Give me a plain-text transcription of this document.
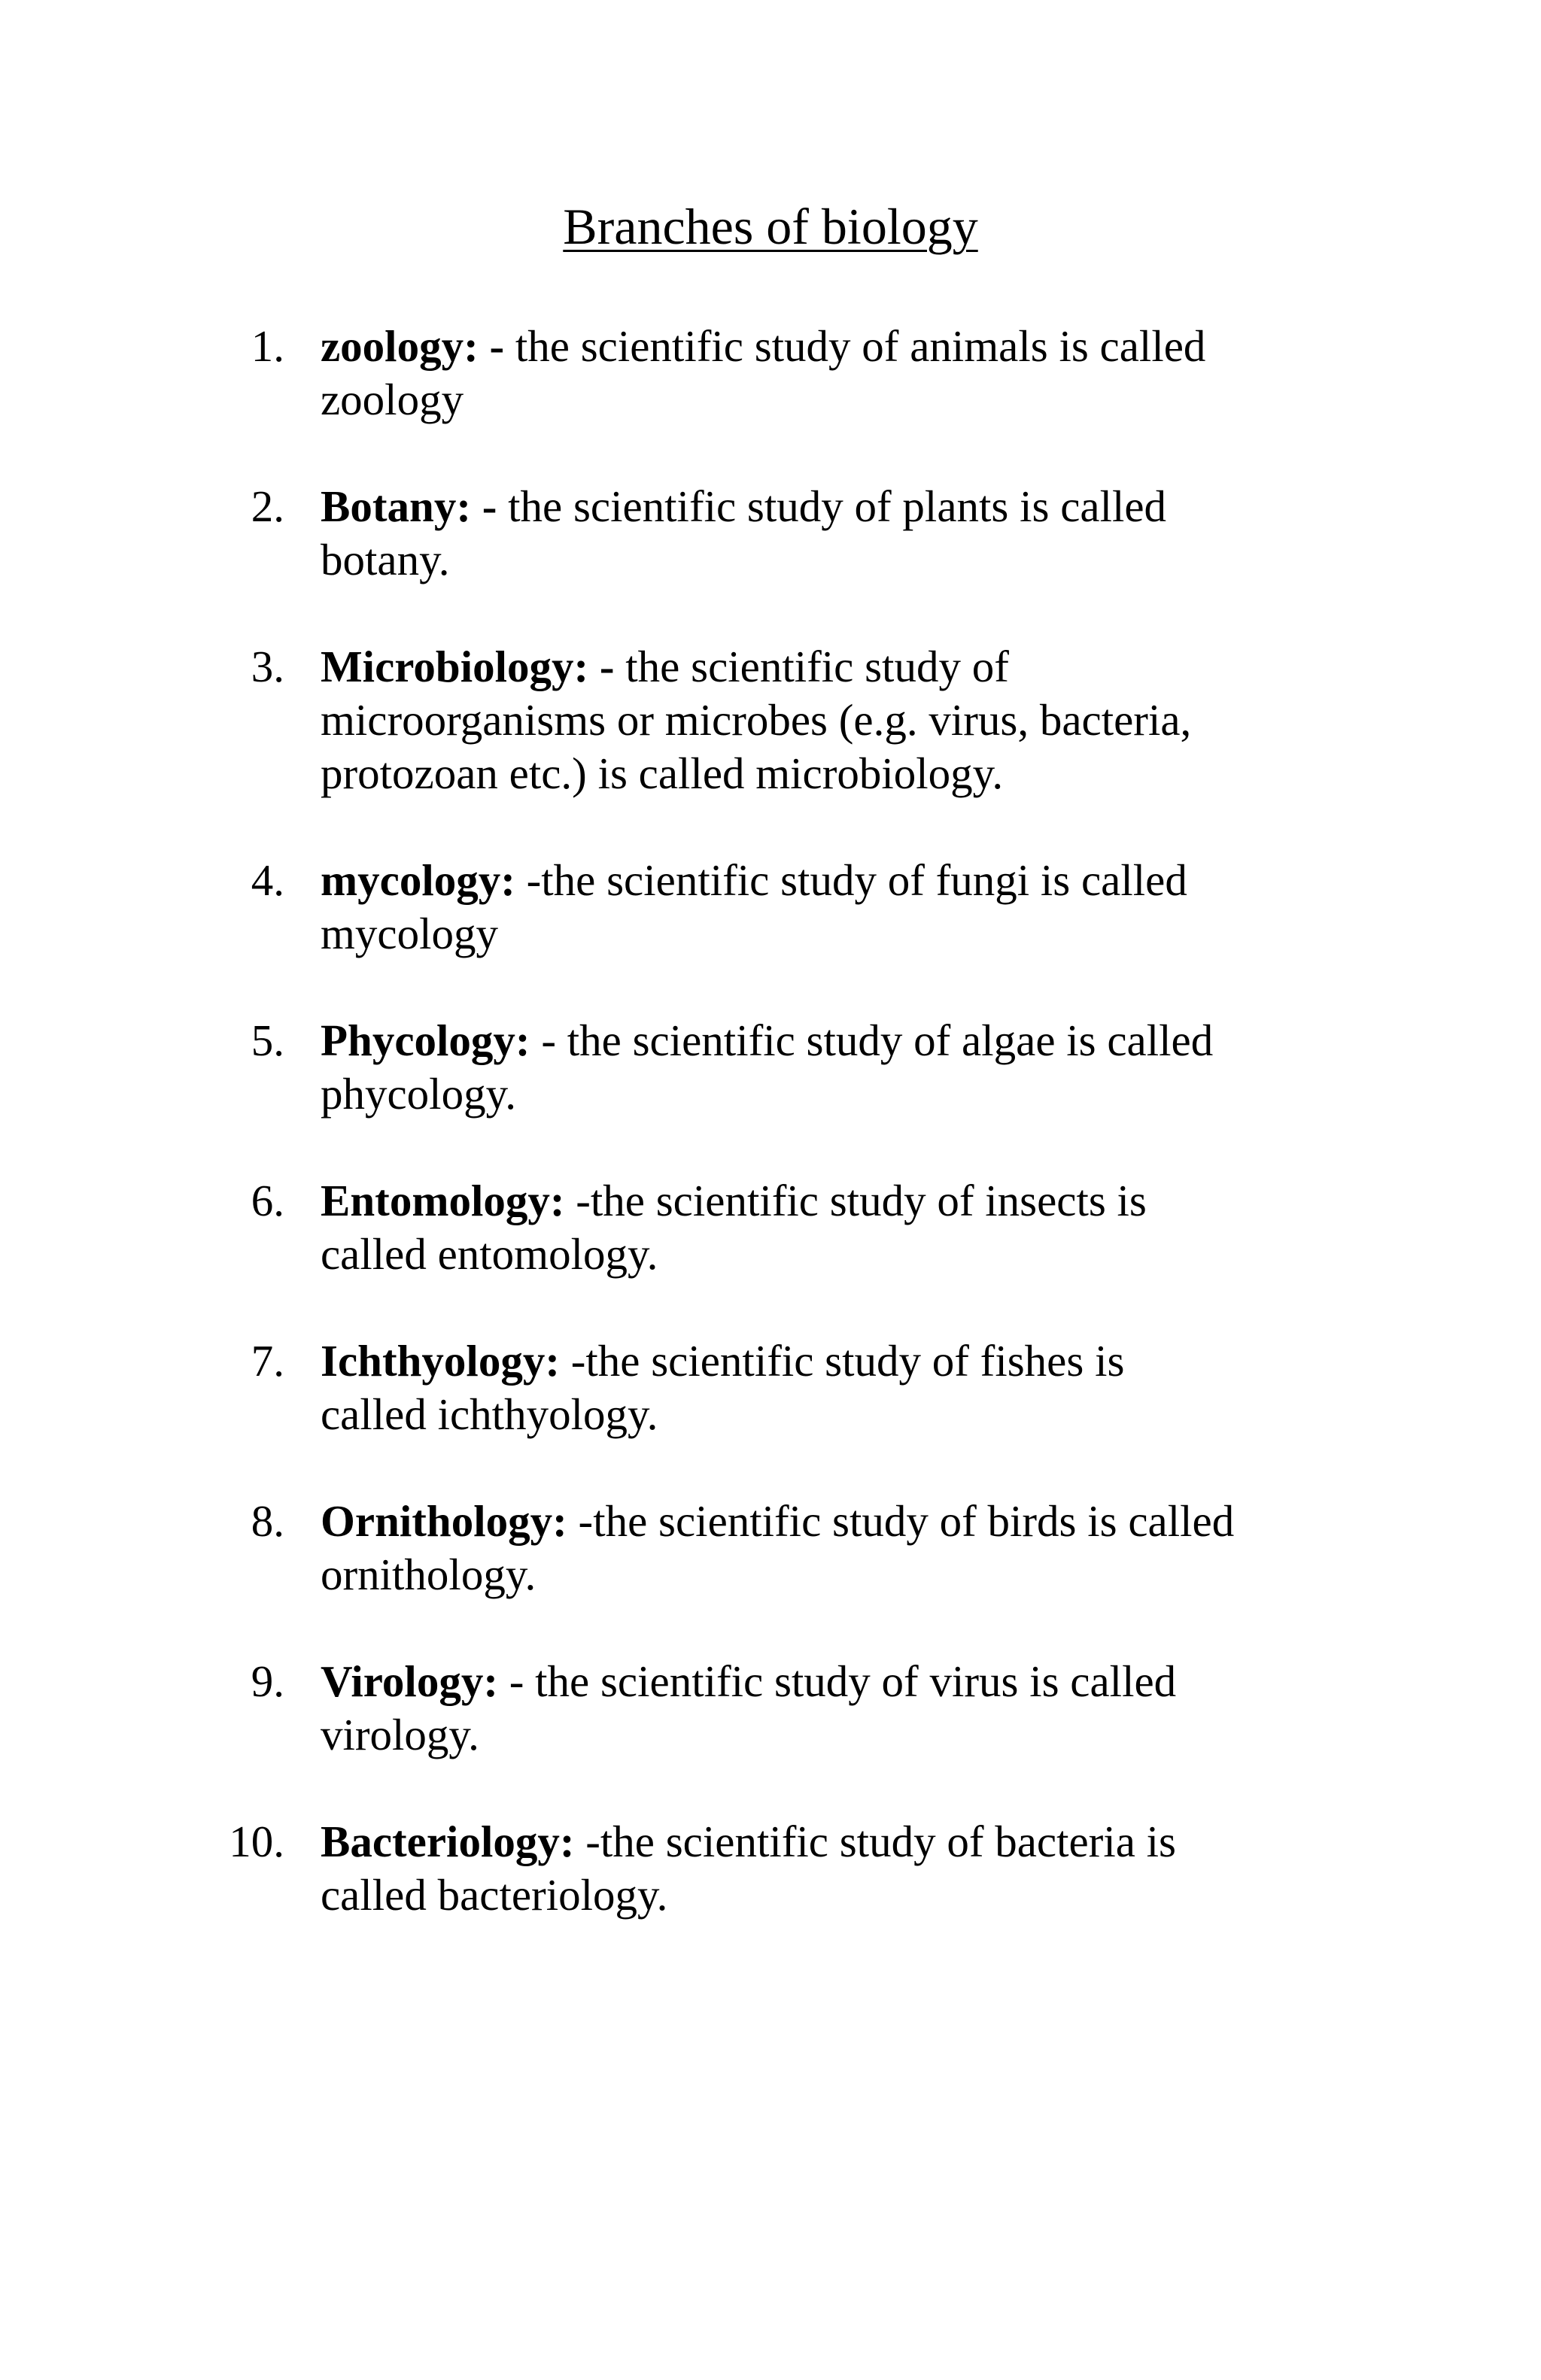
Branches of biology
1. zoology: - the scientific study of animals is called
zoology
2. Botany: - the scientific study of plants is called
botany.
3. Microbiology: - the scientific study of
microorganisms or microbes (e.g. virus, bacteria,
protozoan etc.) is called microbiology.
4. mycology: -the scientific study of fungi is called
mycology
5. Phycology: - the scientific study of algae is called
phycology.
6. Entomology: -the scientific study of insects is
called entomology.
7. Ichthyology: -the scientific study of fishes is
called ichthyology.
8. Ornithology: -the scientific study of birds is called
ornithology.
9. Virology: - the scientific study of virus is called
virology.
10. Bacteriology: -the scientific study of bacteria is
called bacteriology.
